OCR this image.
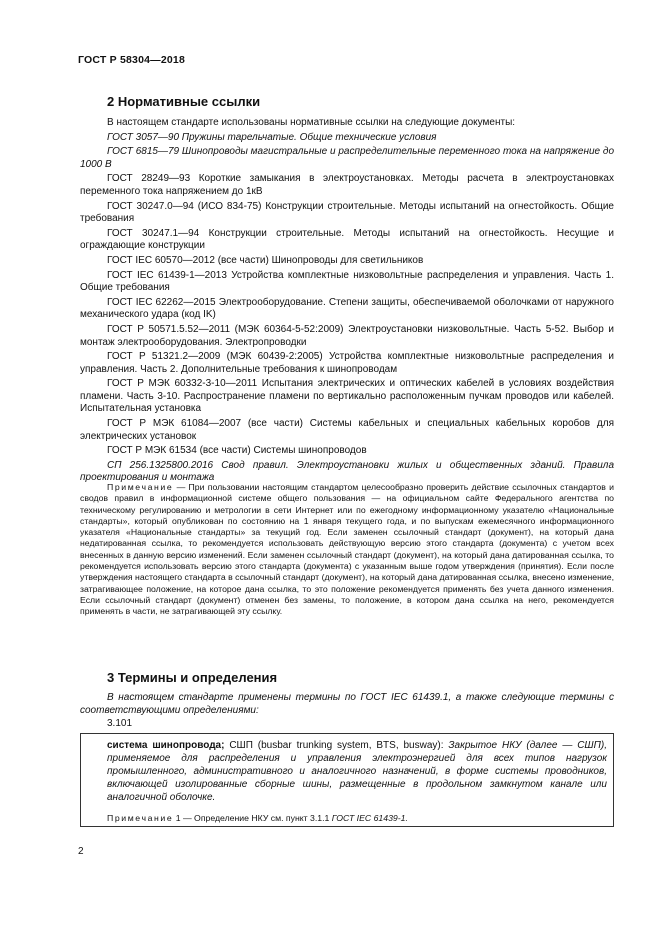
ГОСТ Р 58304—2018
2 Нормативные ссылки

В настоящем стандарте использованы нормативные ссылки на следующие документы:

ГОСТ 3057—90 Пружины тарельчатые. Общие технические условия

ГОСТ 6815—79 Шинопроводы магистральные и распределительные переменного тока на напряжение до 1000 В

ГОСТ 28249—93 Короткие замыкания в электроустановках. Методы расчета в электроустановках переменного тока напряжением до 1кВ

ГОСТ 30247.0—94 (ИСО 834-75) Конструкции строительные. Методы испытаний на огнестойкость. Общие требования

ГОСТ 30247.1—94 Конструкции строительные. Методы испытаний на огнестойкость. Несущие и ограждающие конструкции

ГОСТ IEC 60570—2012 (все части) Шинопроводы для светильников

ГОСТ IEC 61439-1—2013 Устройства комплектные низковольтные распределения и управления. Часть 1. Общие требования

ГОСТ IEC 62262—2015 Электрооборудование. Степени защиты, обеспечиваемой оболочками от наружного механического удара (код IK)

ГОСТ Р 50571.5.52—2011 (МЭК 60364-5-52:2009) Электроустановки низковольтные. Часть 5-52. Выбор и монтаж электрооборудования. Электропроводки

ГОСТ Р 51321.2—2009 (МЭК 60439-2:2005) Устройства комплектные низковольтные распределения и управления. Часть 2. Дополнительные требования к шинопроводам

ГОСТ Р МЭК 60332-3-10—2011 Испытания электрических и оптических кабелей в условиях воздействия пламени. Часть 3-10. Распространение пламени по вертикально расположенным пучкам проводов или кабелей. Испытательная установка

ГОСТ Р МЭК 61084—2007 (все части) Системы кабельных и специальных кабельных коробов для электрических установок

ГОСТ Р МЭК 61534 (все части) Системы шинопроводов

СП 256.1325800.2016 Свод правил. Электроустановки жилых и общественных зданий. Правила проектирования и монтажа

Примечание — При пользовании настоящим стандартом целесообразно проверить действие ссылочных стандартов и сводов правил в информационной системе общего пользования — на официальном сайте Федерального агентства по техническому регулированию и метрологии в сети Интернет или по ежегодному информационному указателю «Национальные стандарты», который опубликован по состоянию на 1 января текущего года, и по выпускам ежемесячного информационного указателя «Национальные стандарты» за текущий год. Если заменен ссылочный стандарт (документ), на который дана недатированная ссылка, то рекомендуется использовать действующую версию этого стандарта (документа) с учетом всех внесенных в данную версию изменений. Если заменен ссылочный стандарт (документ), на который дана датированная ссылка, то рекомендуется использовать версию этого стандарта (документа) с указанным выше годом утверждения (принятия). Если после утверждения настоящего стандарта в ссылочный стандарт (документ), на который дана датированная ссылка, внесено изменение, затрагивающее положение, на которое дана ссылка, то это положение рекомендуется применять без учета данного изменения. Если ссылочный стандарт (документ) отменен без замены, то положение, в котором дана ссылка на него, рекомендуется применять в части, не затрагивающей эту ссылку.

3 Термины и определения

В настоящем стандарте применены термины по ГОСТ IEC 61439.1, а также следующие термины с соответствующими определениями:

3.101

система шинопровода; СШП (busbar trunking system, BTS, busway): Закрытое НКУ (далее — СШП), применяемое для распределения и управления электроэнергией для всех типов нагрузок промышленного, административного и аналогичного назначений, в форме системы проводников, включающей изолированные сборные шины, размещенные в продольном замкнутом канале или аналогичной оболочке.

Примечание 1 — Определение НКУ см. пункт 3.1.1 ГОСТ IEC 61439-1.
2
